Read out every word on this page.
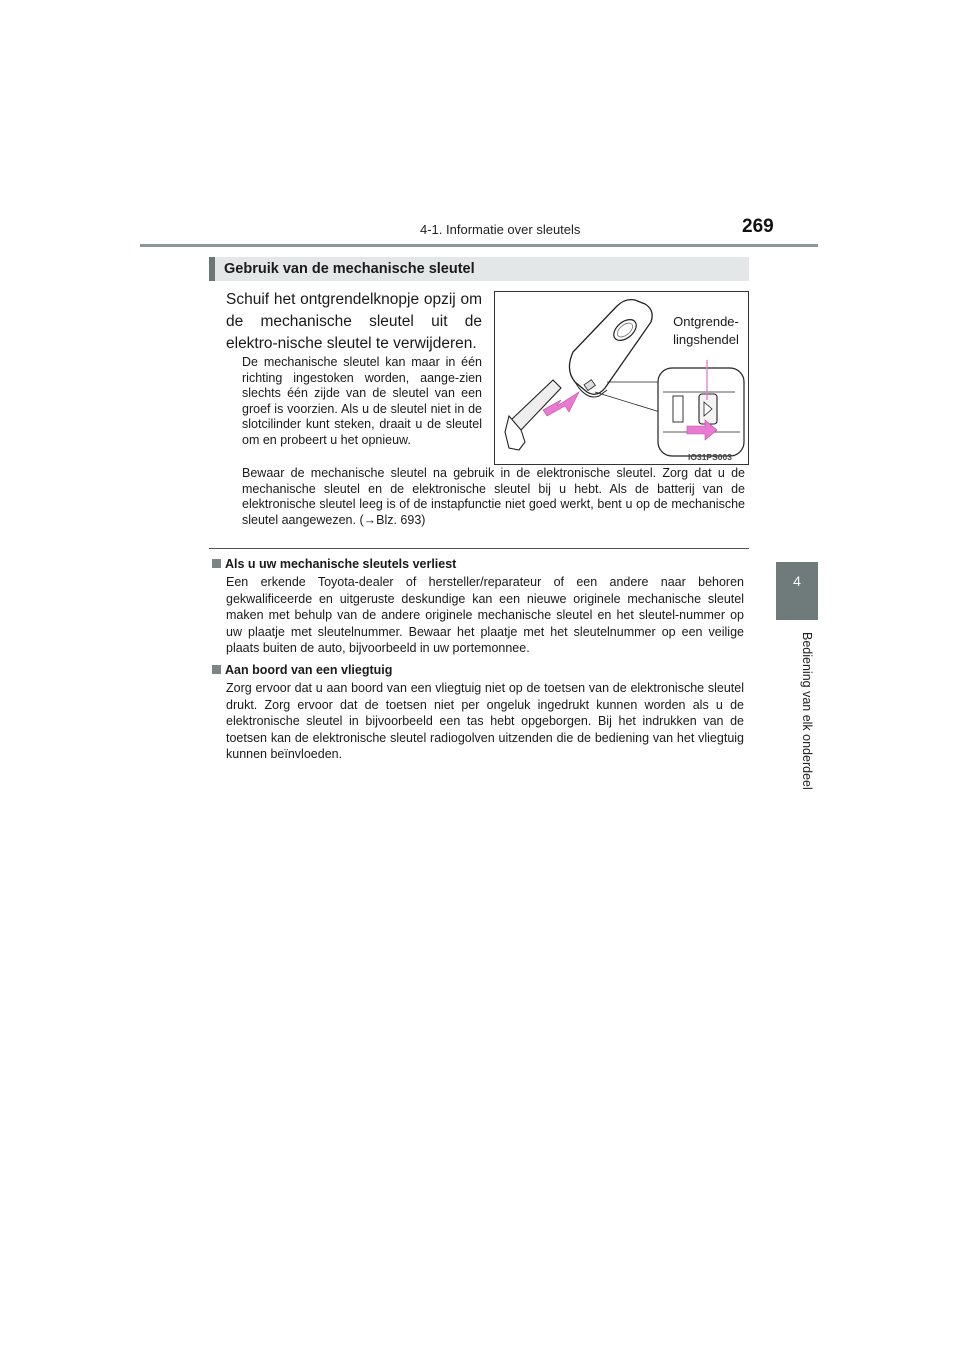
4-1. Informatie over sleutels	269
4
Bediening van elk onderdeel
Gebruik van de mechanische sleutel
Schuif het ontgrendelknopje opzij om de mechanische sleutel uit de elektro-nische sleutel te verwijderen.
De mechanische sleutel kan maar in één richting ingestoken worden, aange-zien slechts één zijde van de sleutel van een groef is voorzien. Als u de sleutel niet in de slotcilinder kunt steken, draait u de sleutel om en probeert u het opnieuw.
Bewaar de mechanische sleutel na gebruik in de elektronische sleutel. Zorg dat u de mechanische sleutel en de elektronische sleutel bij u hebt. Als de batterij van de elektronische sleutel leeg is of de instapfunctie niet goed werkt, bent u op de mechanische sleutel aangewezen. (→Blz. 693)
Ontgrende-
lingshendel
IO31PS003
Als u uw mechanische sleutels verliest
Een erkende Toyota-dealer of hersteller/reparateur of een andere naar behoren gekwalificeerde en uitgeruste deskundige kan een nieuwe originele mechanische sleutel maken met behulp van de andere originele mechanische sleutel en het sleutel-nummer op uw plaatje met sleutelnummer. Bewaar het plaatje met het sleutelnummer op een veilige plaats buiten de auto, bijvoorbeeld in uw portemonnee.
Aan boord van een vliegtuig
Zorg ervoor dat u aan boord van een vliegtuig niet op de toetsen van de elektronische sleutel drukt. Zorg ervoor dat de toetsen niet per ongeluk ingedrukt kunnen worden als u de elektronische sleutel in bijvoorbeeld een tas hebt opgeborgen. Bij het indrukken van de toetsen kan de elektronische sleutel radiogolven uitzenden die de bediening van het vliegtuig kunnen beïnvloeden.
